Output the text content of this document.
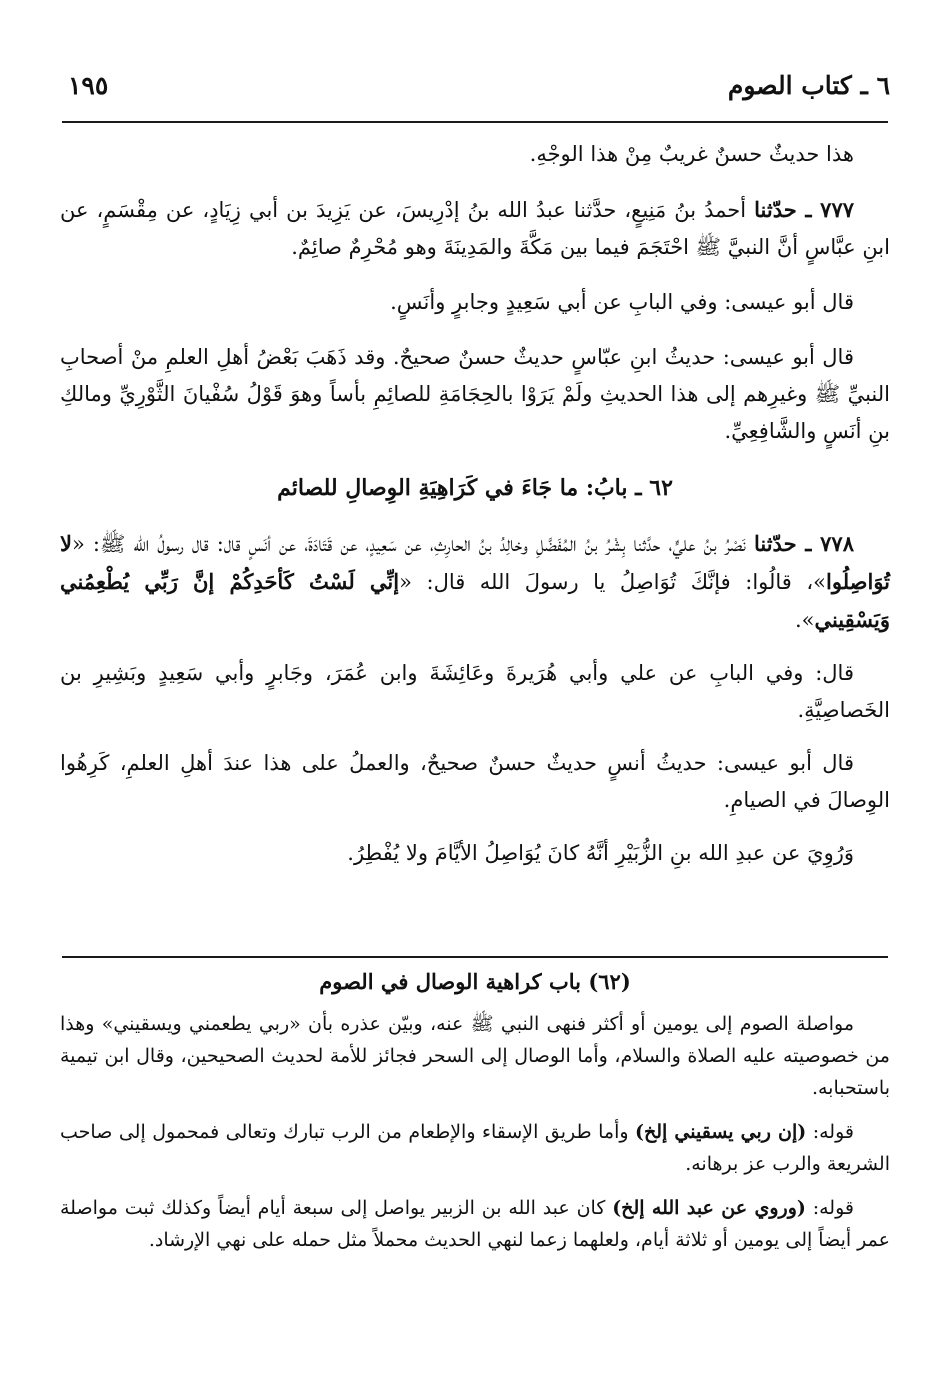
٦ ـ كتاب الصوم
١٩٥

هذا حديثٌ حسنٌ غريبٌ مِنْ هذا الوجْهِ.

٧٧٧ ـ حدّثنا أحمدُ بنُ مَنِيعٍ، حدَّثنا عبدُ الله بنُ إدْرِيسَ، عن يَزِيدَ بن أبي زِيَادٍ، عن مِقْسَمٍ، عن ابنِ عبَّاسٍ أنَّ النبيَّ ﷺ احْتَجَمَ فيما بين مَكَّةَ والمَدِينَةَ وهو مُحْرِمٌ صائِمٌ.

قال أبو عيسى: وفي البابِ عن أبي سَعِيدٍ وجابرٍ وأنَسٍ.

قال أبو عيسى: حديثُ ابنِ عبّاسٍ حديثٌ حسنٌ صحيحٌ. وقد ذَهَبَ بَعْضُ أهلِ العلمِ منْ أصحابِ النبيِّ ﷺ وغيرِهم إلى هذا الحديثِ ولَمْ يَرَوْا بالحِجَامَةِ للصائِمِ بأساً وهوَ قَوْلُ سُفْيانَ الثَّوْرِيِّ ومالكِ بنِ أنَسٍ والشَّافِعِيِّ.

٦٢ ـ بابُ: ما جَاءَ في كَرَاهِيَةِ الوِصالِ للصائم

٧٧٨ ـ حدّثنا نَصْرُ بنُ عليٍّ، حدَّثنا بِشْرُ بنُ المُفَضَّلِ وخالِدُ بنُ الحارِثِ، عن سَعِيدٍ، عن قَتَادَةَ، عن أنَسٍ قال: قال رسولُ الله ﷺ: «لا تُوَاصِلُوا»، قالُوا: فإنَّكَ تُوَاصِلُ يا رسولَ الله قال: «إنِّي لَسْتُ كَأحَدِكُمْ إنَّ رَبِّي يُطْعِمُني وَيَسْقِيني».

قال: وفي البابِ عن علي وأبي هُرَيرةَ وعَائِشَةَ وابن عُمَرَ، وجَابرٍ وأبي سَعِيدٍ وبَشِيرِ بن الخَصاصِيَّةِ.

قال أبو عيسى: حديثُ أنسٍ حديثٌ حسنٌ صحيحٌ، والعملُ على هذا عندَ أهلِ العلمِ، كَرِهُوا الوِصالَ في الصيامِ.

وَرُوِيَ عن عبدِ الله بنِ الزُّبَيْرِ أنَّهُ كانَ يُوَاصِلُ الأيَّامَ ولا يُفْطِرُ.

(٦٢) باب كراهية الوصال في الصوم

مواصلة الصوم إلى يومين أو أكثر فنهى النبي ﷺ عنه، وبيّن عذره بأن «ربي يطعمني ويسقيني» وهذا من خصوصيته عليه الصلاة والسلام، وأما الوصال إلى السحر فجائز للأمة لحديث الصحيحين، وقال ابن تيمية باستحبابه.

قوله: (إن ربي يسقيني إلخ) وأما طريق الإسقاء والإطعام من الرب تبارك وتعالى فمحمول إلى صاحب الشريعة والرب عز برهانه.

قوله: (وروي عن عبد الله إلخ) كان عبد الله بن الزبير يواصل إلى سبعة أيام أيضاً وكذلك ثبت مواصلة عمر أيضاً إلى يومين أو ثلاثة أيام، ولعلهما زعما لنهي الحديث محملاً مثل حمله على نهي الإرشاد.
